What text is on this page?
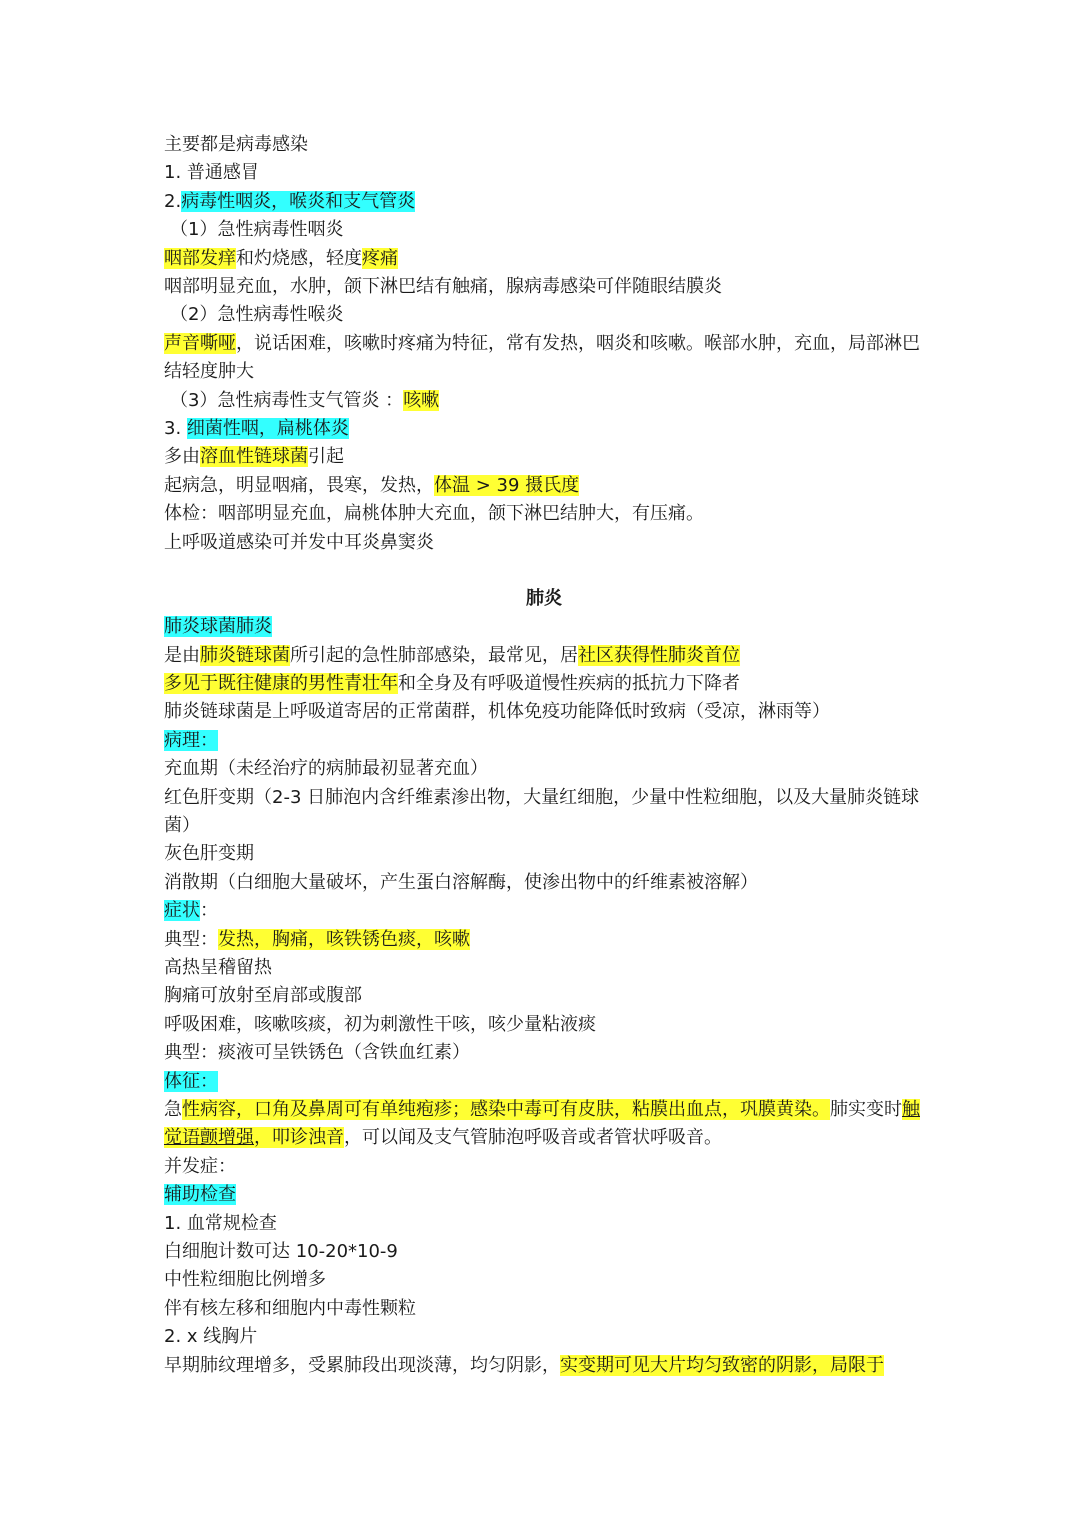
主要都是病毒感染
1. 普通感冒
2.病毒性咽炎，喉炎和支气管炎
（1）急性病毒性咽炎
咽部发痒和灼烧感，轻度疼痛
咽部明显充血，水肿，颌下淋巴结有触痛，腺病毒感染可伴随眼结膜炎
（2）急性病毒性喉炎
声音嘶哑，说话困难，咳嗽时疼痛为特征，常有发热，咽炎和咳嗽。喉部水肿，充血，局部淋巴结轻度肿大
（3）急性病毒性支气管炎 ：咳嗽
3. 细菌性咽，扁桃体炎
多由溶血性链球菌引起
起病急，明显咽痛，畏寒，发热，体温 > 39 摄氏度
体检：咽部明显充血，扁桃体肿大充血，颌下淋巴结肿大，有压痛。
上呼吸道感染可并发中耳炎鼻窦炎
肺炎
肺炎球菌肺炎
是由肺炎链球菌所引起的急性肺部感染，最常见，居社区获得性肺炎首位
多见于既往健康的男性青壮年和全身及有呼吸道慢性疾病的抵抗力下降者
肺炎链球菌是上呼吸道寄居的正常菌群，机体免疫功能降低时致病（受凉，淋雨等）
病理：
充血期（未经治疗的病肺最初显著充血）
红色肝变期（2-3 日肺泡内含纤维素渗出物，大量红细胞，少量中性粒细胞，以及大量肺炎链球菌）
灰色肝变期
消散期（白细胞大量破坏，产生蛋白溶解酶，使渗出物中的纤维素被溶解）
症状：
典型：发热，胸痛，咳铁锈色痰，咳嗽
高热呈稽留热
胸痛可放射至肩部或腹部
呼吸困难，咳嗽咳痰，初为刺激性干咳，咳少量粘液痰
典型：痰液可呈铁锈色（含铁血红素）
体征：
急性病容，口角及鼻周可有单纯疱疹；感染中毒可有皮肤，粘膜出血点，巩膜黄染。肺实变时触觉语颤增强，叩诊浊音，可以闻及支气管肺泡呼吸音或者管状呼吸音。
并发症：
辅助检查
1. 血常规检查
白细胞计数可达 10-20*10-9
中性粒细胞比例增多
伴有核左移和细胞内中毒性颗粒
2. x 线胸片
早期肺纹理增多，受累肺段出现淡薄，均匀阴影，实变期可见大片均匀致密的阴影，局限于
